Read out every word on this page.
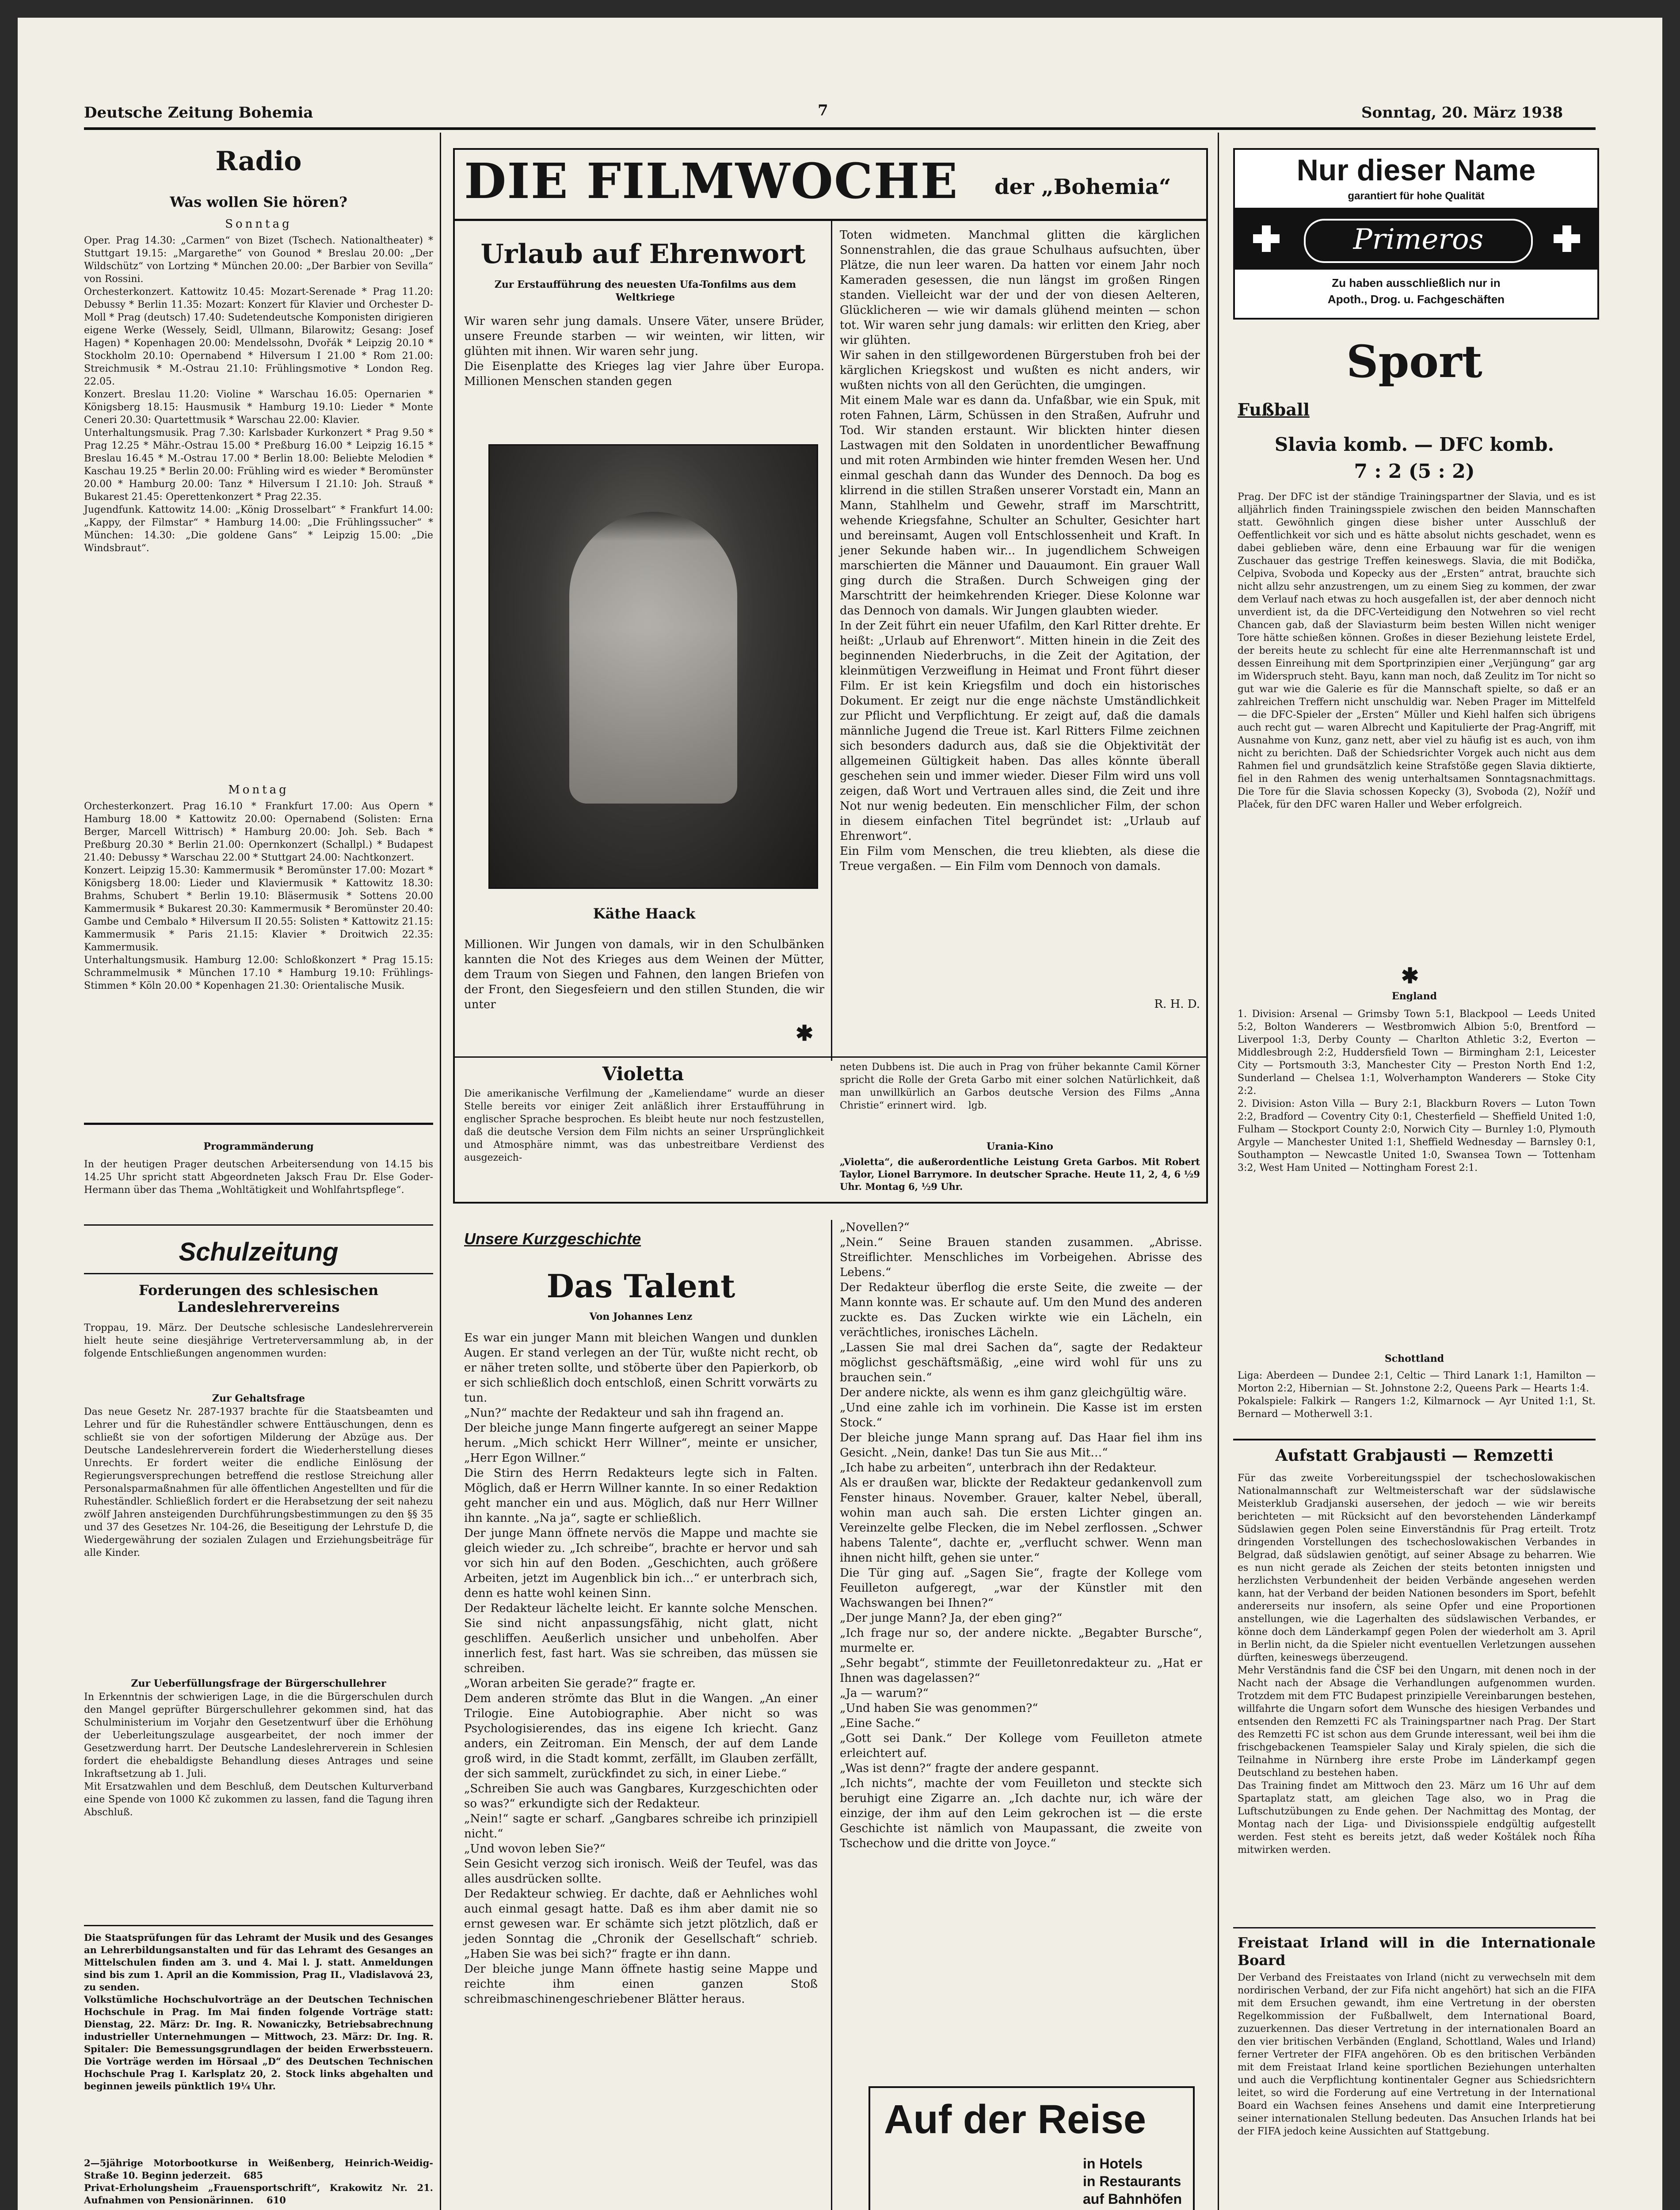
Deutsche Zeitung Bohemia	7	Sonntag, 20. März 1938
Radio
Was wollen Sie hören?
Sonntag
Oper. Prag 14.30: „Carmen“ von Bizet (Tschech. Nationaltheater) * Stuttgart 19.15: „Margarethe“ von Gounod * Breslau 20.00: „Der Wildschütz“ von Lortzing * München 20.00: „Der Barbier von Sevilla“ von Rossini.
Orchesterkonzert. Kattowitz 10.45: Mozart-Serenade * Prag 11.20: Debussy * Berlin 11.35: Mozart: Konzert für Klavier und Orchester D-Moll * Prag (deutsch) 17.40: Sudetendeutsche Komponisten dirigieren eigene Werke (Wessely, Seidl, Ullmann, Bilarowitz; Gesang: Josef Hagen) * Kopenhagen 20.00: Mendelssohn, Dvořák * Leipzig 20.10 * Stockholm 20.10: Opernabend * Hilversum I 21.00 * Rom 21.00: Streichmusik * M.-Ostrau 21.10: Frühlingsmotive * London Reg. 22.05.
Konzert. Breslau 11.20: Violine * Warschau 16.05: Opernarien * Königsberg 18.15: Hausmusik * Hamburg 19.10: Lieder * Monte Ceneri 20.30: Quartettmusik * Warschau 22.00: Klavier.
Unterhaltungsmusik. Prag 7.30: Karlsbader Kurkonzert * Prag 9.50 * Prag 12.25 * Mähr.-Ostrau 15.00 * Preßburg 16.00 * Leipzig 16.15 * Breslau 16.45 * M.-Ostrau 17.00 * Berlin 18.00: Beliebte Melodien * Kaschau 19.25 * Berlin 20.00: Frühling wird es wieder * Beromünster 20.00 * Hamburg 20.00: Tanz * Hilversum I 21.10: Joh. Strauß * Bukarest 21.45: Operettenkonzert * Prag 22.35.
Jugendfunk. Kattowitz 14.00: „König Drosselbart“ * Frankfurt 14.00: „Kappy, der Filmstar“ * Hamburg 14.00: „Die Frühlingssucher“ * München: 14.30: „Die goldene Gans“ * Leipzig 15.00: „Die Windsbraut“.
Montag
Orchesterkonzert. Prag 16.10 * Frankfurt 17.00: Aus Opern * Hamburg 18.00 * Kattowitz 20.00: Opernabend (Solisten: Erna Berger, Marcell Wittrisch) * Hamburg 20.00: Joh. Seb. Bach * Preßburg 20.30 * Berlin 21.00: Opernkonzert (Schallpl.) * Budapest 21.40: Debussy * Warschau 22.00 * Stuttgart 24.00: Nachtkonzert.
Konzert. Leipzig 15.30: Kammermusik * Beromünster 17.00: Mozart * Königsberg 18.00: Lieder und Klaviermusik * Kattowitz 18.30: Brahms, Schubert * Berlin 19.10: Bläsermusik * Sottens 20.00 Kammermusik * Bukarest 20.30: Kammermusik * Beromünster 20.40: Gambe und Cembalo * Hilversum II 20.55: Solisten * Kattowitz 21.15: Kammermusik * Paris 21.15: Klavier * Droitwich 22.35: Kammermusik.
Unterhaltungsmusik. Hamburg 12.00: Schloßkonzert * Prag 15.15: Schrammelmusik * München 17.10 * Hamburg 19.10: Frühlings-Stimmen * Köln 20.00 * Kopenhagen 21.30: Orientalische Musik.
Programmänderung
In der heutigen Prager deutschen Arbeitersendung von 14.15 bis 14.25 Uhr spricht statt Abgeordneten Jaksch Frau Dr. Else Goder-Hermann über das Thema „Wohltätigkeit und Wohlfahrtspflege“.
Schulzeitung
Forderungen des schlesischen Landeslehrervereins
Troppau, 19. März. Der Deutsche schlesische Landeslehrerverein hielt heute seine diesjährige Vertreterversammlung ab, in der folgende Entschließungen angenommen wurden:
Zur Gehaltsfrage
Das neue Gesetz Nr. 287-1937 brachte für die Staatsbeamten und Lehrer und für die Ruheständler schwere Enttäuschungen, denn es schließt sie von der sofortigen Milderung der Abzüge aus. Der Deutsche Landeslehrerverein fordert die Wiederherstellung dieses Unrechts. Er fordert weiter die endliche Einlösung der Regierungsversprechungen betreffend die restlose Streichung aller Personalsparmaßnahmen für alle öffentlichen Angestellten und für die Ruheständler. Schließlich fordert er die Herabsetzung der seit nahezu zwölf Jahren ansteigenden Durchführungsbestimmungen zu den §§ 35 und 37 des Gesetzes Nr. 104-26, die Beseitigung der Lehrstufe D, die Wiedergewährung der sozialen Zulagen und Erziehungsbeiträge für alle Kinder.
Zur Ueberfüllungsfrage der Bürgerschullehrer
In Erkenntnis der schwierigen Lage, in die die Bürgerschulen durch den Mangel geprüfter Bürgerschullehrer gekommen sind, hat das Schulministerium im Vorjahr den Gesetzentwurf über die Erhöhung der Ueberleitungszulage ausgearbeitet, der noch immer der Gesetzwerdung harrt. Der Deutsche Landeslehrerverein in Schlesien fordert die ehebaldigste Behandlung dieses Antrages und seine Inkraftsetzung ab 1. Juli.
Mit Ersatzwahlen und dem Beschluß, dem Deutschen Kulturverband eine Spende von 1000 Kč zukommen zu lassen, fand die Tagung ihren Abschluß.
Die Staatsprüfungen für das Lehramt der Musik und des Gesanges an Lehrerbildungsanstalten und für das Lehramt des Gesanges an Mittelschulen finden am 3. und 4. Mai l. J. statt. Anmeldungen sind bis zum 1. April an die Kommission, Prag II., Vladislavová 23, zu senden.
Volkstümliche Hochschulvorträge an der Deutschen Technischen Hochschule in Prag. Im Mai finden folgende Vorträge statt: Dienstag, 22. März: Dr. Ing. R. Nowaniczky, Betriebsabrechnung industrieller Unternehmungen — Mittwoch, 23. März: Dr. Ing. R. Spitaler: Die Bemessungsgrundlagen der beiden Erwerbssteuern. Die Vorträge werden im Hörsaal „D“ des Deutschen Technischen Hochschule Prag I. Karlsplatz 20, 2. Stock links abgehalten und beginnen jeweils pünktlich 19¼ Uhr.
2—5jährige Motorbootkurse in Weißenberg, Heinrich-Weidig-Straße 10. Beginn jederzeit.    685
Privat-Erholungsheim „Frauensportschrift“, Krakowitz Nr. 21. Aufnahmen von Pensionärinnen.    610
DIE FILMWOCHE der „Bohemia“
Urlaub auf Ehrenwort
Zur Erstaufführung des neuesten Ufa-Tonfilms aus dem Weltkriege
Wir waren sehr jung damals. Unsere Väter, unsere Brüder, unsere Freunde starben — wir weinten, wir litten, wir glühten mit ihnen. Wir waren sehr jung.
Die Eisenplatte des Krieges lag vier Jahre über Europa. Millionen Menschen standen gegen
Käthe Haack
Millionen. Wir Jungen von damals, wir in den Schulbänken kannten die Not des Krieges aus dem Weinen der Mütter, dem Traum von Siegen und Fahnen, den langen Briefen von der Front, den Siegesfeiern und den stillen Stunden, die wir unter
Toten widmeten. Manchmal glitten die kärglichen Sonnenstrahlen, die das graue Schulhaus aufsuchten, über Plätze, die nun leer waren. Da hatten vor einem Jahr noch Kameraden gesessen, die nun längst im großen Ringen standen. Vielleicht war der und der von diesen Aelteren, Glücklicheren — wie wir damals glühend meinten — schon tot. Wir waren sehr jung damals: wir erlitten den Krieg, aber wir glühten.
Wir sahen in den stillgewordenen Bürgerstuben froh bei der kärglichen Kriegskost und wußten es nicht anders, wir wußten nichts von all den Gerüchten, die umgingen.
Mit einem Male war es dann da. Unfaßbar, wie ein Spuk, mit roten Fahnen, Lärm, Schüssen in den Straßen, Aufruhr und Tod. Wir standen erstaunt. Wir blickten hinter diesen Lastwagen mit den Soldaten in unordentlicher Bewaffnung und mit roten Armbinden wie hinter fremden Wesen her. Und einmal geschah dann das Wunder des Dennoch. Da bog es klirrend in die stillen Straßen unserer Vorstadt ein, Mann an Mann, Stahlhelm und Gewehr, straff im Marschtritt, wehende Kriegsfahne, Schulter an Schulter, Gesichter hart und bereinsamt, Augen voll Entschlossenheit und Kraft. In jener Sekunde haben wir... In jugendlichem Schweigen marschierten die Männer und Dauaumont. Ein grauer Wall ging durch die Straßen. Durch Schweigen ging der Marschtritt der heimkehrenden Krieger. Diese Kolonne war das Dennoch von damals. Wir Jungen glaubten wieder.
In der Zeit führt ein neuer Ufafilm, den Karl Ritter drehte. Er heißt: „Urlaub auf Ehrenwort“. Mitten hinein in die Zeit des beginnenden Niederbruchs, in die Zeit der Agitation, der kleinmütigen Verzweiflung in Heimat und Front führt dieser Film. Er ist kein Kriegsfilm und doch ein historisches Dokument. Er zeigt nur die enge nächste Umständlichkeit zur Pflicht und Verpflichtung. Er zeigt auf, daß die damals männliche Jugend die Treue ist. Karl Ritters Filme zeichnen sich besonders dadurch aus, daß sie die Objektivität der allgemeinen Gültigkeit haben. Das alles könnte überall geschehen sein und immer wieder. Dieser Film wird uns voll zeigen, daß Wort und Vertrauen alles sind, die Zeit und ihre Not nur wenig bedeuten. Ein menschlicher Film, der schon in diesem einfachen Titel begründet ist: „Urlaub auf Ehrenwort“.
Ein Film vom Menschen, die treu kliebten, als diese die Treue vergaßen. — Ein Film vom Dennoch von damals.
R. H. D.
✱
Violetta
Die amerikanische Verfilmung der „Kameliendame“ wurde an dieser Stelle bereits vor einiger Zeit anläßlich ihrer Erstaufführung in englischer Sprache besprochen. Es bleibt heute nur noch festzustellen, daß die deutsche Version dem Film nichts an seiner Ursprünglichkeit und Atmosphäre nimmt, was das unbestreitbare Verdienst des ausgezeich-
neten Dubbens ist. Die auch in Prag von früher bekannte Camil Körner spricht die Rolle der Greta Garbo mit einer solchen Natürlichkeit, daß man unwillkürlich an Garbos deutsche Version des Films „Anna Christie“ erinnert wird.    lgb.
Urania-Kino
„Violetta“, die außerordentliche Leistung Greta Garbos. Mit Robert Taylor, Lionel Barrymore. In deutscher Sprache. Heute 11, 2, 4, 6 ½9 Uhr. Montag 6, ½9 Uhr.
Unsere Kurzgeschichte
Das Talent
Von Johannes Lenz
Es war ein junger Mann mit bleichen Wangen und dunklen Augen. Er stand verlegen an der Tür, wußte nicht recht, ob er näher treten sollte, und stöberte über den Papierkorb, ob er sich schließlich doch entschloß, einen Schritt vorwärts zu tun.
„Nun?“ machte der Redakteur und sah ihn fragend an.
Der bleiche junge Mann fingerte aufgeregt an seiner Mappe herum. „Mich schickt Herr Willner“, meinte er unsicher, „Herr Egon Willner.“
Die Stirn des Herrn Redakteurs legte sich in Falten. Möglich, daß er Herrn Willner kannte. In so einer Redaktion geht mancher ein und aus. Möglich, daß nur Herr Willner ihn kannte. „Na ja“, sagte er schließlich.
Der junge Mann öffnete nervös die Mappe und machte sie gleich wieder zu. „Ich schreibe“, brachte er hervor und sah vor sich hin auf den Boden. „Geschichten, auch größere Arbeiten, jetzt im Augenblick bin ich…“ er unterbrach sich, denn es hatte wohl keinen Sinn.
Der Redakteur lächelte leicht. Er kannte solche Menschen. Sie sind nicht anpassungsfähig, nicht glatt, nicht geschliffen. Aeußerlich unsicher und unbeholfen. Aber innerlich fest, fast hart. Was sie schreiben, das müssen sie schreiben.
„Woran arbeiten Sie gerade?“ fragte er.
Dem anderen strömte das Blut in die Wangen. „An einer Trilogie. Eine Autobiographie. Aber nicht so was Psychologisierendes, das ins eigene Ich kriecht. Ganz anders, ein Zeitroman. Ein Mensch, der auf dem Lande groß wird, in die Stadt kommt, zerfällt, im Glauben zerfällt, der sich sammelt, zurückfindet zu sich, in einer Liebe.“
„Schreiben Sie auch was Gangbares, Kurzgeschichten oder so was?“ erkundigte sich der Redakteur.
„Nein!“ sagte er scharf. „Gangbares schreibe ich prinzipiell nicht.“
„Und wovon leben Sie?“
Sein Gesicht verzog sich ironisch. Weiß der Teufel, was das alles ausdrücken sollte.
Der Redakteur schwieg. Er dachte, daß er Aehnliches wohl auch einmal gesagt hatte. Daß es ihm aber damit nie so ernst gewesen war. Er schämte sich jetzt plötzlich, daß er jeden Sonntag die „Chronik der Gesellschaft“ schrieb. „Haben Sie was bei sich?“ fragte er ihn dann.
Der bleiche junge Mann öffnete hastig seine Mappe und reichte ihm einen ganzen Stoß schreibmaschinengeschriebener Blätter heraus.
„Novellen?“
„Nein.“ Seine Brauen standen zusammen. „Abrisse. Streiflichter. Menschliches im Vorbeigehen. Abrisse des Lebens.“
Der Redakteur überflog die erste Seite, die zweite — der Mann konnte was. Er schaute auf. Um den Mund des anderen zuckte es. Das Zucken wirkte wie ein Lächeln, ein verächtliches, ironisches Lächeln.
„Lassen Sie mal drei Sachen da“, sagte der Redakteur möglichst geschäftsmäßig, „eine wird wohl für uns zu brauchen sein.“
Der andere nickte, als wenn es ihm ganz gleichgültig wäre.
„Und eine zahle ich im vorhinein. Die Kasse ist im ersten Stock.“
Der bleiche junge Mann sprang auf. Das Haar fiel ihm ins Gesicht. „Nein, danke! Das tun Sie aus Mit…“
„Ich habe zu arbeiten“, unterbrach ihn der Redakteur.
Als er draußen war, blickte der Redakteur gedankenvoll zum Fenster hinaus. November. Grauer, kalter Nebel, überall, wohin man auch sah. Die ersten Lichter gingen an. Vereinzelte gelbe Flecken, die im Nebel zerflossen. „Schwer habens Talente“, dachte er, „verflucht schwer. Wenn man ihnen nicht hilft, gehen sie unter.“
Die Tür ging auf. „Sagen Sie“, fragte der Kollege vom Feuilleton aufgeregt, „war der Künstler mit den Wachswangen bei Ihnen?“
„Der junge Mann? Ja, der eben ging?“
„Ich frage nur so, der andere nickte. „Begabter Bursche“, murmelte er.
„Sehr begabt“, stimmte der Feuilletonredakteur zu. „Hat er Ihnen was dagelassen?“
„Ja — warum?“
„Und haben Sie was genommen?“
„Eine Sache.“
„Gott sei Dank.“ Der Kollege vom Feuilleton atmete erleichtert auf.
„Was ist denn?“ fragte der andere gespannt.
„Ich nichts“, machte der vom Feuilleton und steckte sich beruhigt eine Zigarre an. „Ich dachte nur, ich wäre der einzige, der ihm auf den Leim gekrochen ist — die erste Geschichte ist nämlich von Maupassant, die zweite von Tschechow und die dritte von Joyce.“
Auf der Reise
in Hotels
in Restaurants
auf Bahnhöfen
Nur dieser Name
garantiert für hohe Qualität
Primeros
Zu haben ausschließlich nur in
Apoth., Drog. u. Fachgeschäften
Sport
Fußball
Slavia komb. — DFC komb.
7 : 2 (5 : 2)
Prag. Der DFC ist der ständige Trainingspartner der Slavia, und es ist alljährlich finden Trainingsspiele zwischen den beiden Mannschaften statt. Gewöhnlich gingen diese bisher unter Ausschluß der Oeffentlichkeit vor sich und es hätte absolut nichts geschadet, wenn es dabei geblieben wäre, denn eine Erbauung war für die wenigen Zuschauer das gestrige Treffen keineswegs. Slavia, die mit Bodička, Celpiva, Svoboda und Kopecky aus der „Ersten“ antrat, brauchte sich nicht allzu sehr anzustrengen, um zu einem Sieg zu kommen, der zwar dem Verlauf nach etwas zu hoch ausgefallen ist, der aber dennoch nicht unverdient ist, da die DFC-Verteidigung den Notwehren so viel recht Chancen gab, daß der Slaviasturm beim besten Willen nicht weniger Tore hätte schießen können. Großes in dieser Beziehung leistete Erdel, der bereits heute zu schlecht für eine alte Herrenmannschaft ist und dessen Einreihung mit dem Sportprinzipien einer „Verjüngung“ gar arg im Widerspruch steht. Bayu, kann man noch, daß Zeulitz im Tor nicht so gut war wie die Galerie es für die Mannschaft spielte, so daß er an zahlreichen Treffern nicht unschuldig war. Neben Prager im Mittelfeld — die DFC-Spieler der „Ersten“ Müller und Kiehl halfen sich übrigens auch recht gut — waren Albrecht und Kapitulierte der Prag-Angriff, mit Ausnahme von Kunz, ganz nett, aber viel zu häufig ist es auch, von ihm nicht zu berichten. Daß der Schiedsrichter Vorgek auch nicht aus dem Rahmen fiel und grundsätzlich keine Strafstöße gegen Slavia diktierte, fiel in den Rahmen des wenig unterhaltsamen Sonntagsnachmittags. Die Tore für die Slavia schossen Kopecky (3), Svoboda (2), Nožíř und Plaček, für den DFC waren Haller und Weber erfolgreich.
✱
England
1. Division: Arsenal — Grimsby Town 5:1, Blackpool — Leeds United 5:2, Bolton Wanderers — Westbromwich Albion 5:0, Brentford — Liverpool 1:3, Derby County — Charlton Athletic 3:2, Everton — Middlesbrough 2:2, Huddersfield Town — Birmingham 2:1, Leicester City — Portsmouth 3:3, Manchester City — Preston North End 1:2, Sunderland — Chelsea 1:1, Wolverhampton Wanderers — Stoke City 2:2.
2. Division: Aston Villa — Bury 2:1, Blackburn Rovers — Luton Town 2:2, Bradford — Coventry City 0:1, Chesterfield — Sheffield United 1:0, Fulham — Stockport County 2:0, Norwich City — Burnley 1:0, Plymouth Argyle — Manchester United 1:1, Sheffield Wednesday — Barnsley 0:1, Southampton — Newcastle United 1:0, Swansea Town — Tottenham 3:2, West Ham United — Nottingham Forest 2:1.
Schottland
Liga: Aberdeen — Dundee 2:1, Celtic — Third Lanark 1:1, Hamilton — Morton 2:2, Hibernian — St. Johnstone 2:2, Queens Park — Hearts 1:4.
Pokalspiele: Falkirk — Rangers 1:2, Kilmarnock — Ayr United 1:1, St. Bernard — Motherwell 3:1.
Aufstatt Grabjausti — Remzetti
Für das zweite Vorbereitungsspiel der tschechoslowakischen Nationalmannschaft zur Weltmeisterschaft war der südslawische Meisterklub Gradjanski ausersehen, der jedoch — wie wir bereits berichteten — mit Rücksicht auf den bevorstehenden Länderkampf Südslawien gegen Polen seine Einverständnis für Prag erteilt. Trotz dringenden Vorstellungen des tschechoslowakischen Verbandes in Belgrad, daß südslawien genötigt, auf seiner Absage zu beharren. Wie es nun nicht gerade als Zeichen der steits betonten innigsten und herzlichsten Verbundenheit der beiden Verbände angesehen werden kann, hat der Verband der beiden Nationen besonders im Sport, befehlt andererseits nur insofern, als seine Opfer und eine Proportionen anstellungen, wie die Lagerhalten des südslawischen Verbandes, er könne doch dem Länderkampf gegen Polen der wiederholt am 3. April in Berlin nicht, da die Spieler nicht eventuellen Verletzungen aussehen dürften, keineswegs überzeugend.
Mehr Verständnis fand die ČSF bei den Ungarn, mit denen noch in der Nacht nach der Absage die Verhandlungen aufgenommen wurden. Trotzdem mit dem FTC Budapest prinzipielle Vereinbarungen bestehen, willfahrte die Ungarn sofort dem Wunsche des hiesigen Verbandes und entsenden den Remzetti FC als Trainingspartner nach Prag. Der Start des Remzetti FC ist schon aus dem Grunde interessant, weil bei ihm die frischgebackenen Teamspieler Salay und Kiraly spielen, die sich die Teilnahme in Nürnberg ihre erste Probe im Länderkampf gegen Deutschland zu bestehen haben.
Das Training findet am Mittwoch den 23. März um 16 Uhr auf dem Spartaplatz statt, am gleichen Tage also, wo in Prag die Luftschutzübungen zu Ende gehen. Der Nachmittag des Montag, der Montag nach der Liga- und Divisionsspiele endgültig aufgestellt werden. Fest steht es bereits jetzt, daß weder Koštálek noch Říha mitwirken werden.
Freistaat Irland will in die Internationale Board
Der Verband des Freistaates von Irland (nicht zu verwechseln mit dem nordirischen Verband, der zur Fifa nicht angehört) hat sich an die FIFA mit dem Ersuchen gewandt, ihm eine Vertretung in der obersten Regelkommission der Fußballwelt, dem International Board, zuzuerkennen. Das dieser Vertretung in der internationalen Board an den vier britischen Verbänden (England, Schottland, Wales und Irland) ferner Vertreter der FIFA angehören. Ob es den britischen Verbänden mit dem Freistaat Irland keine sportlichen Beziehungen unterhalten und auch die Verpflichtung kontinentaler Gegner aus Schiedsrichtern leitet, so wird die Forderung auf eine Vertretung in der International Board ein Wachsen feines Ansehens und damit eine Interpretierung seiner internationalen Stellung bedeuten. Das Ansuchen Irlands hat bei der FIFA jedoch keine Aussichten auf Stattgebung.
